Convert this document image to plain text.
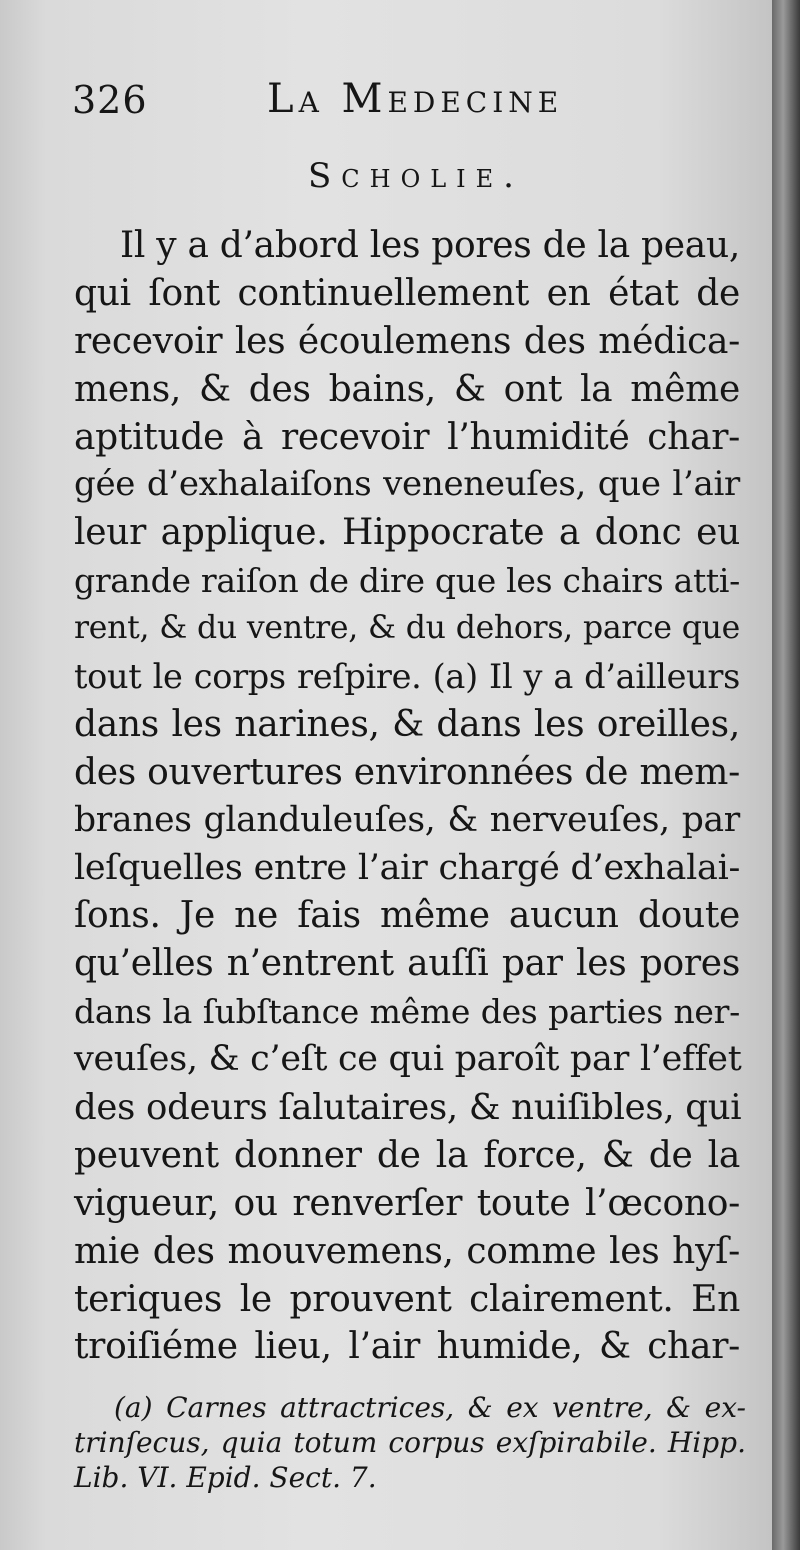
326	La Medecine
Scholie.
Il y a d’abord les pores de la peau,
qui ſont continuellement en état de
recevoir les écoulemens des médica-
mens, & des bains, & ont la même
aptitude à recevoir l’humidité char-
gée d’exhalaiſons veneneuſes, que l’air
leur applique. Hippocrate a donc eu
grande raiſon de dire que les chairs atti-
rent, & du ventre, & du dehors, parce que
tout le corps reſpire. (a) Il y a d’ailleurs
dans les narines, & dans les oreilles,
des ouvertures environnées de mem-
branes glanduleuſes, & nerveuſes, par
leſquelles entre l’air chargé d’exhalai-
ſons. Je ne fais même aucun doute
qu’elles n’entrent auſſi par les pores
dans la ſubſtance même des parties ner-
veuſes, & c’eſt ce qui paroît par l’effet
des odeurs ſalutaires, & nuiſibles, qui
peuvent donner de la force, & de la
vigueur, ou renverſer toute l’œcono-
mie des mouvemens, comme les hyſ-
teriques le prouvent clairement. En
troiſiéme lieu, l’air humide, & char-
(a) Carnes attractrices, & ex ventre, & ex-
trinſecus, quia totum corpus exſpirabile. Hipp.
Lib. VI. Epid. Sect. 7.
